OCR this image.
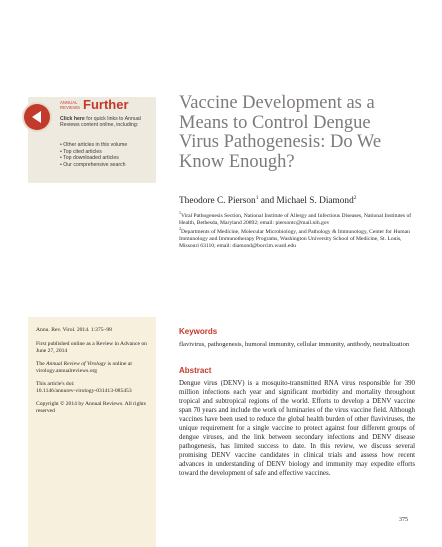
ANNUAL
REVIEWS Further
Click here for quick links to Annual Reviews content online, including:
• Other articles in this volume
• Top cited articles
• Top downloaded articles
• Our comprehensive search
Vaccine Development as a Means to Control Dengue Virus Pathogenesis: Do We Know Enough?
Theodore C. Pierson$^1$ and Michael S. Diamond$^2$
$^1$Viral Pathogenesis Section, National Institute of Allergy and Infectious Diseases, National Institutes of Health, Bethesda, Maryland 20892; email: piersontc@mail.nih.gov
$^2$Departments of Medicine, Molecular Microbiology, and Pathology & Immunology, Center for Human Immunology and Immunotherapy Programs, Washington University School of Medicine, St. Louis, Missouri 63110; email: diamond@borcim.wustl.edu
Annu. Rev. Virol. 2014. 1:375–98
First published online as a Review in Advance on June 27, 2014
The Annual Review of Virology is online at virology.annualreviews.org
This article's doi:
10.1146/annurev-virology-031413-085453
Copyright © 2014 by Annual Reviews. All rights reserved
Keywords
flavivirus, pathogenesis, humoral immunity, cellular immunity, antibody, neutralization
Abstract
Dengue virus (DENV) is a mosquito-transmitted RNA virus responsible for 390 million infections each year and significant morbidity and mortality throughout tropical and subtropical regions of the world. Efforts to develop a DENV vaccine span 70 years and include the work of luminaries of the virus vaccine field. Although vaccines have been used to reduce the global health burden of other flaviviruses, the unique requirement for a single vaccine to protect against four different groups of dengue viruses, and the link between secondary infections and DENV disease pathogenesis, has limited success to date. In this review, we discuss several promising DENV vaccine candidates in clinical trials and assess how recent advances in understanding of DENV biology and immunity may expedite efforts toward the development of safe and effective vaccines.
375
